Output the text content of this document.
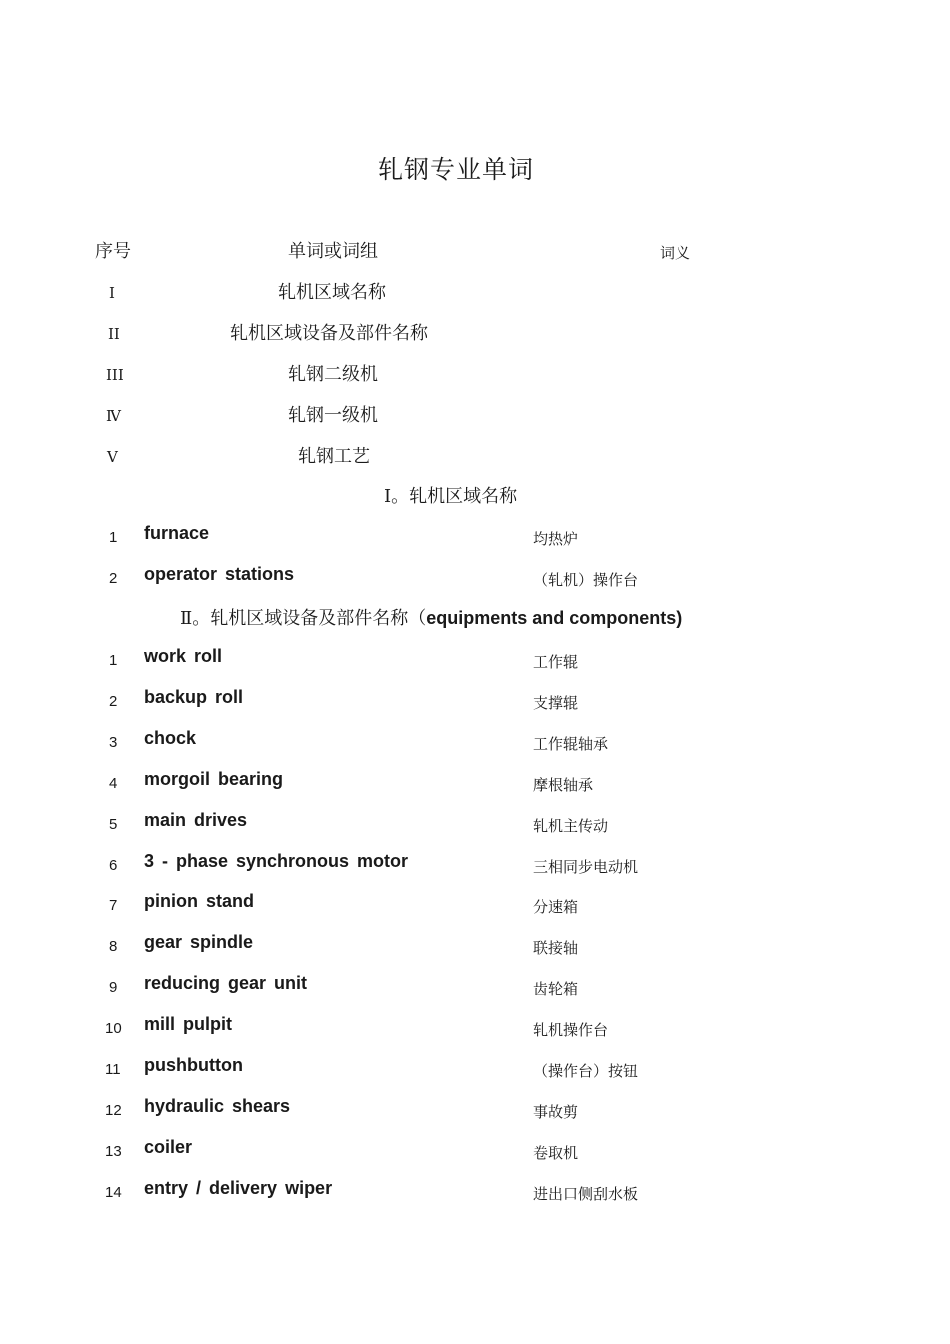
轧钢专业单词
序号	单词或词组	词义
I	轧机区域名称
II	轧机区域设备及部件名称
III	轧钢二级机
Ⅳ	轧钢一级机
V	轧钢工艺
Ⅰ。轧机区域名称
1 furnace	均热炉
2 operator stations	（轧机）操作台
Ⅱ。轧机区域设备及部件名称（equipments and components)
1 work roll	工作辊
2 backup roll	支撑辊
3 chock	工作辊轴承
4 morgoil bearing	摩根轴承
5 main drives	轧机主传动
6 3 - phase synchronous motor	三相同步电动机
7 pinion stand	分速箱
8 gear spindle	联接轴
9 reducing gear unit	齿轮箱
10 mill pulpit	轧机操作台
11 pushbutton	（操作台）按钮
12 hydraulic shears	事故剪
13 coiler	卷取机
14 entry / delivery wiper	进出口侧刮水板
